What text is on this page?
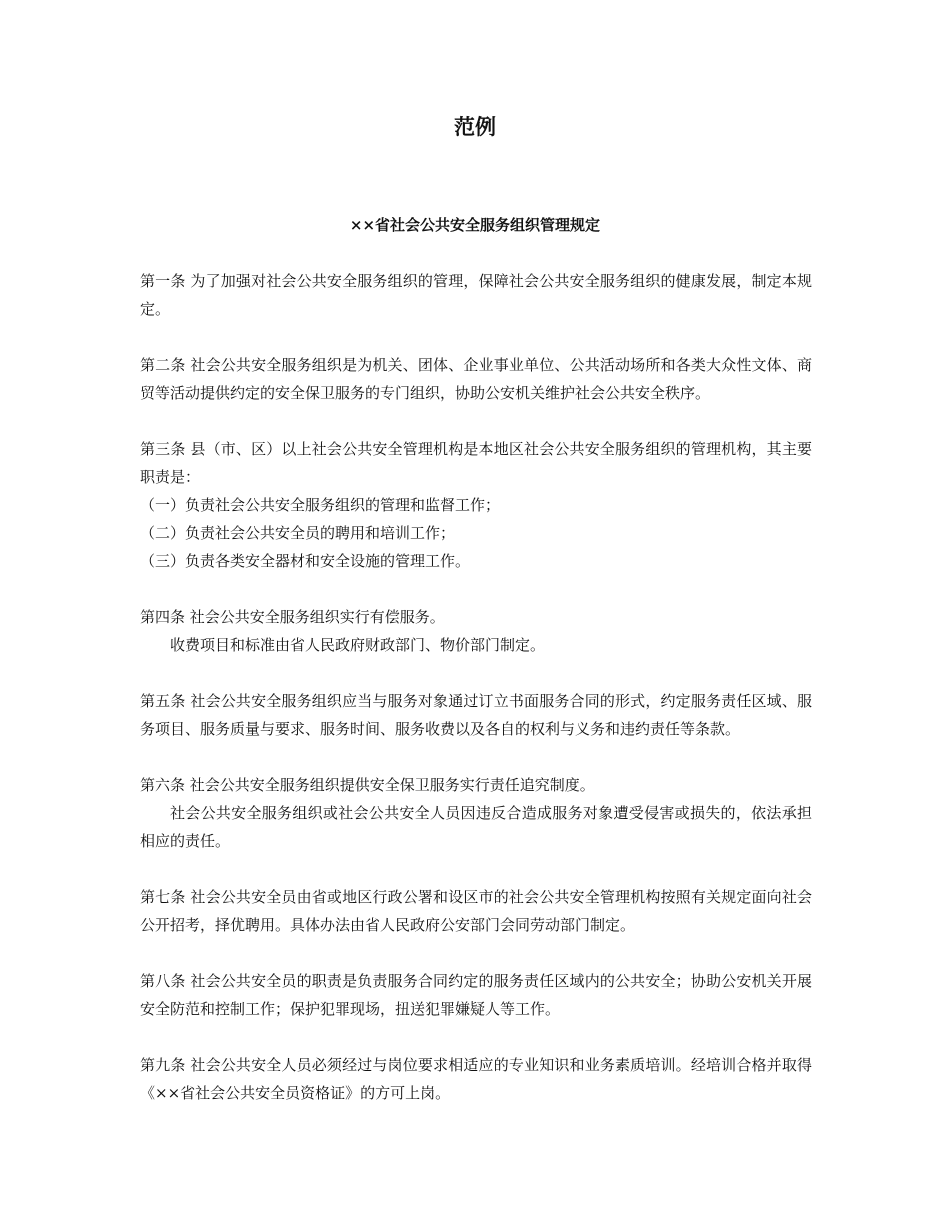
范例
××省社会公共安全服务组织管理规定

第一条 为了加强对社会公共安全服务组织的管理，保障社会公共安全服务组织的健康发展，制定本规定。

第二条 社会公共安全服务组织是为机关、团体、企业事业单位、公共活动场所和各类大众性文体、商贸等活动提供约定的安全保卫服务的专门组织，协助公安机关维护社会公共安全秩序。

第三条 县（市、区）以上社会公共安全管理机构是本地区社会公共安全服务组织的管理机构，其主要职责是：

（一）负责社会公共安全服务组织的管理和监督工作；

（二）负责社会公共安全员的聘用和培训工作；

（三）负责各类安全器材和安全设施的管理工作。

第四条 社会公共安全服务组织实行有偿服务。

收费项目和标准由省人民政府财政部门、物价部门制定。

第五条 社会公共安全服务组织应当与服务对象通过订立书面服务合同的形式，约定服务责任区域、服务项目、服务质量与要求、服务时间、服务收费以及各自的权利与义务和违约责任等条款。

第六条 社会公共安全服务组织提供安全保卫服务实行责任追究制度。

社会公共安全服务组织或社会公共安全人员因违反合造成服务对象遭受侵害或损失的，依法承担相应的责任。

第七条 社会公共安全员由省或地区行政公署和设区市的社会公共安全管理机构按照有关规定面向社会公开招考，择优聘用。具体办法由省人民政府公安部门会同劳动部门制定。

第八条 社会公共安全员的职责是负责服务合同约定的服务责任区域内的公共安全；协助公安机关开展安全防范和控制工作；保护犯罪现场，扭送犯罪嫌疑人等工作。

第九条 社会公共安全人员必须经过与岗位要求相适应的专业知识和业务素质培训。经培训合格并取得《××省社会公共安全员资格证》的方可上岗。
